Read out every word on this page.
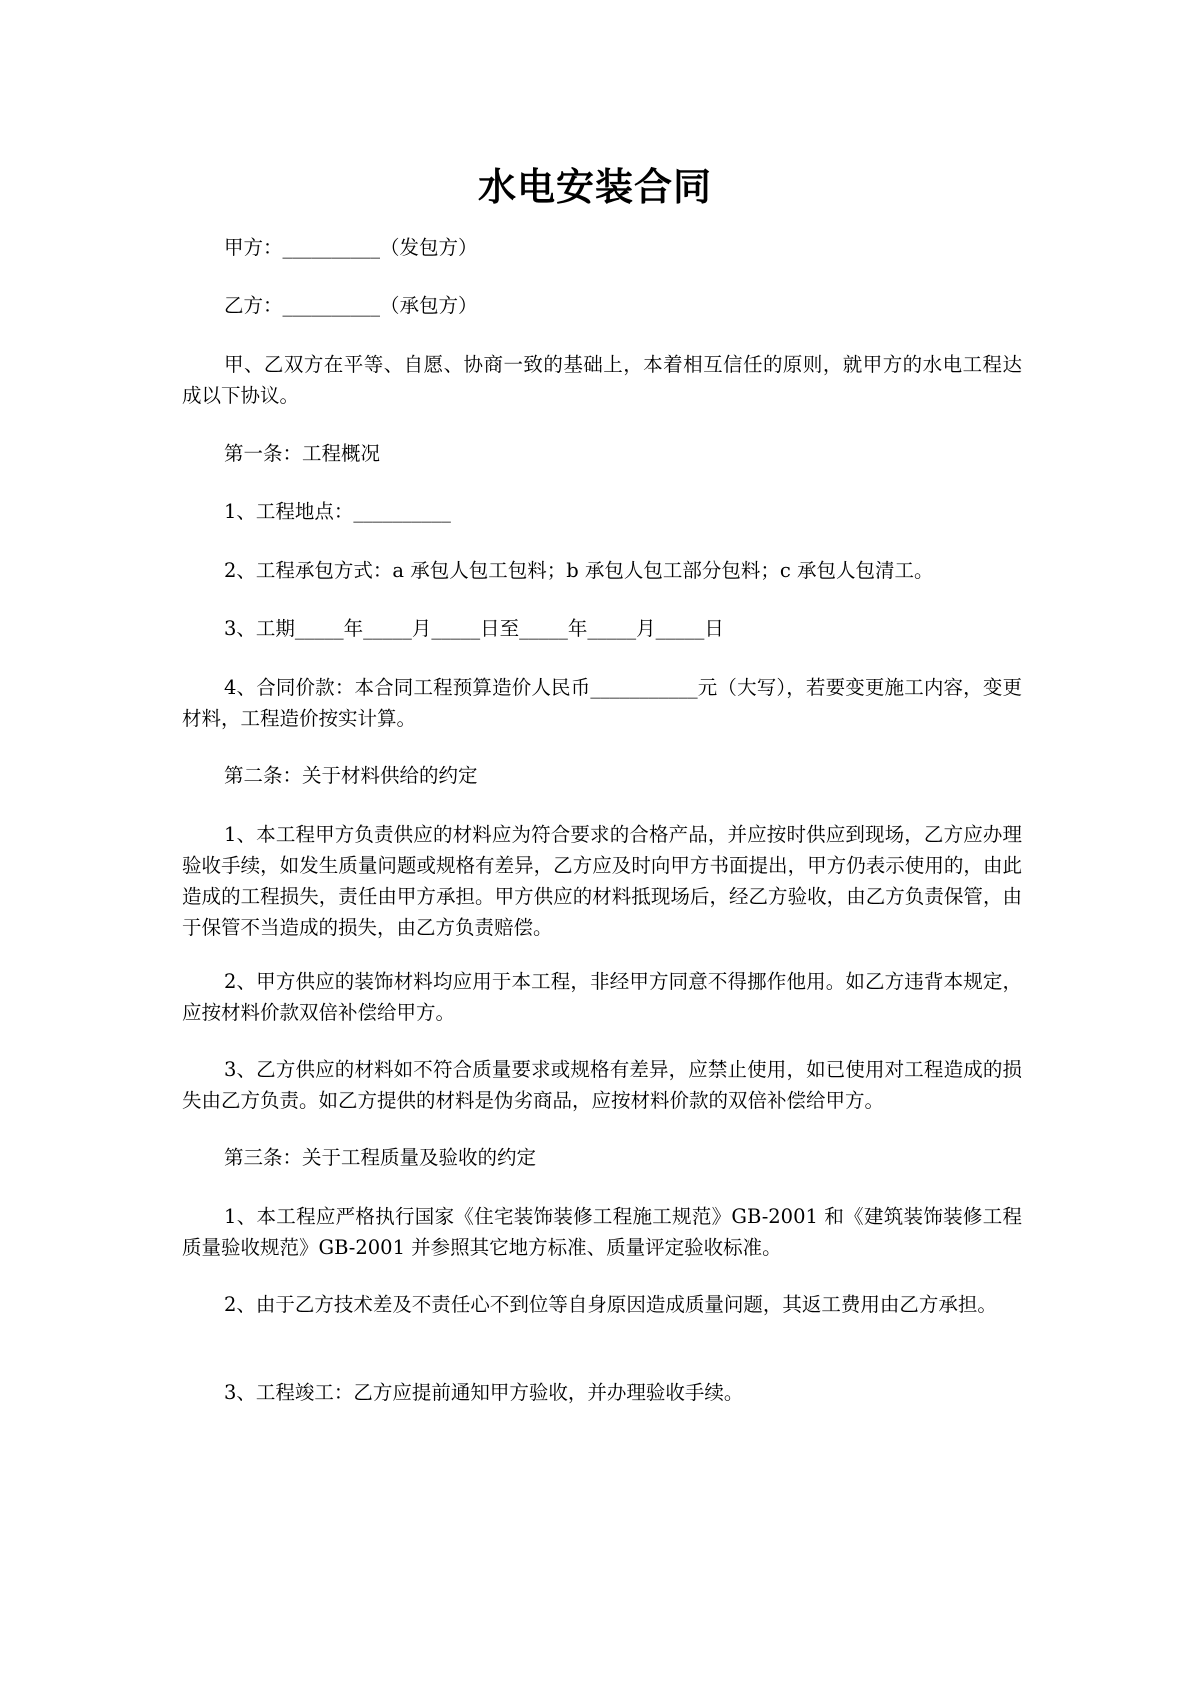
水电安装合同

甲方：__________（发包方）

乙方：__________（承包方）

甲、乙双方在平等、自愿、协商一致的基础上，本着相互信任的原则，就甲方的水电工程达成以下协议。

第一条：工程概况

1、工程地点：__________

2、工程承包方式：a 承包人包工包料；b 承包人包工部分包料；c 承包人包清工。

3、工期_____年_____月_____日至_____年_____月_____日

4、合同价款：本合同工程预算造价人民币___________元（大写），若要变更施工内容，变更材料，工程造价按实计算。

第二条：关于材料供给的约定

1、本工程甲方负责供应的材料应为符合要求的合格产品，并应按时供应到现场，乙方应办理验收手续，如发生质量问题或规格有差异，乙方应及时向甲方书面提出，甲方仍表示使用的，由此造成的工程损失，责任由甲方承担。甲方供应的材料抵现场后，经乙方验收，由乙方负责保管，由于保管不当造成的损失，由乙方负责赔偿。

2、甲方供应的装饰材料均应用于本工程，非经甲方同意不得挪作他用。如乙方违背本规定，应按材料价款双倍补偿给甲方。

3、乙方供应的材料如不符合质量要求或规格有差异，应禁止使用，如已使用对工程造成的损失由乙方负责。如乙方提供的材料是伪劣商品，应按材料价款的双倍补偿给甲方。

第三条：关于工程质量及验收的约定

1、本工程应严格执行国家《住宅装饰装修工程施工规范》GB-2001 和《建筑装饰装修工程质量验收规范》GB-2001 并参照其它地方标准、质量评定验收标准。

2、由于乙方技术差及不责任心不到位等自身原因造成质量问题，其返工费用由乙方承担。

3、工程竣工：乙方应提前通知甲方验收，并办理验收手续。
